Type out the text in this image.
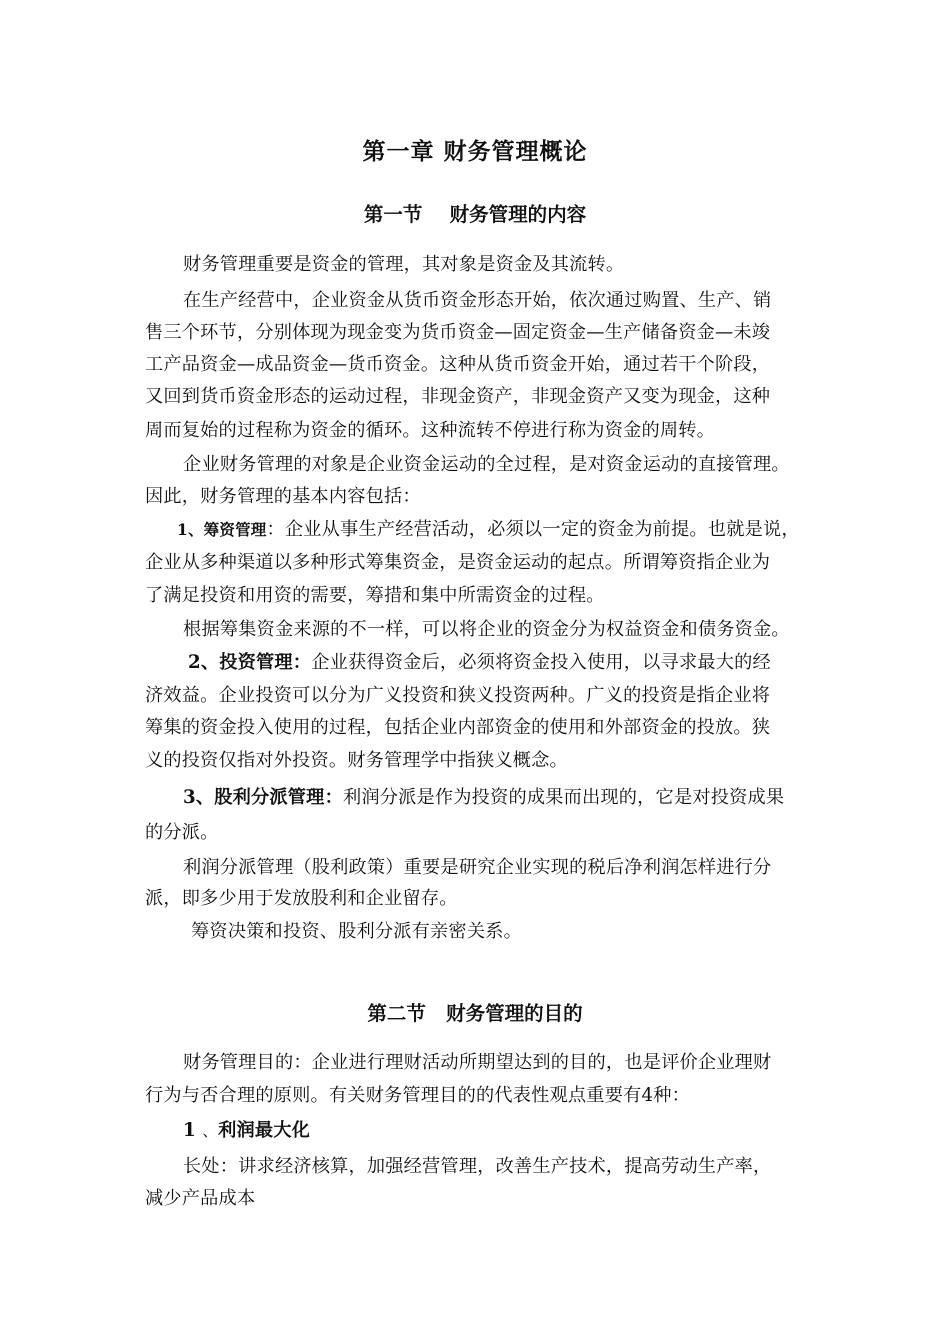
第一章 财务管理概论
第一节    财务管理的内容

财务管理重要是资金的管理，其对象是资金及其流转。

在生产经营中，企业资金从货币资金形态开始，依次通过购置、生产、销

售三个环节，分别体现为现金变为货币资金—固定资金—生产储备资金—未竣

工产品资金—成品资金—货币资金。这种从货币资金开始，通过若干个阶段，

又回到货币资金形态的运动过程，非现金资产，非现金资产又变为现金，这种

周而复始的过程称为资金的循环。这种流转不停进行称为资金的周转。

企业财务管理的对象是企业资金运动的全过程，是对资金运动的直接管理。

因此，财务管理的基本内容包括：

1、筹资管理：企业从事生产经营活动，必须以一定的资金为前提。也就是说，

企业从多种渠道以多种形式筹集资金，是资金运动的起点。所谓筹资指企业为

了满足投资和用资的需要，筹措和集中所需资金的过程。

根据筹集资金来源的不一样，可以将企业的资金分为权益资金和债务资金。

2、投资管理：企业获得资金后，必须将资金投入使用，以寻求最大的经

济效益。企业投资可以分为广义投资和狭义投资两种。广义的投资是指企业将

筹集的资金投入使用的过程，包括企业内部资金的使用和外部资金的投放。狭

义的投资仅指对外投资。财务管理学中指狭义概念。

3、股利分派管理：利润分派是作为投资的成果而出现的，它是对投资成果

的分派。

利润分派管理（股利政策）重要是研究企业实现的税后净利润怎样进行分

派，即多少用于发放股利和企业留存。

筹资决策和投资、股利分派有亲密关系。

第二节   财务管理的目的

财务管理目的：企业进行理财活动所期望达到的目的，也是评价企业理财

行为与否合理的原则。有关财务管理目的的代表性观点重要有4种：

1 、利润最大化

长处：讲求经济核算，加强经营管理，改善生产技术，提高劳动生产率，

减少产品成本
